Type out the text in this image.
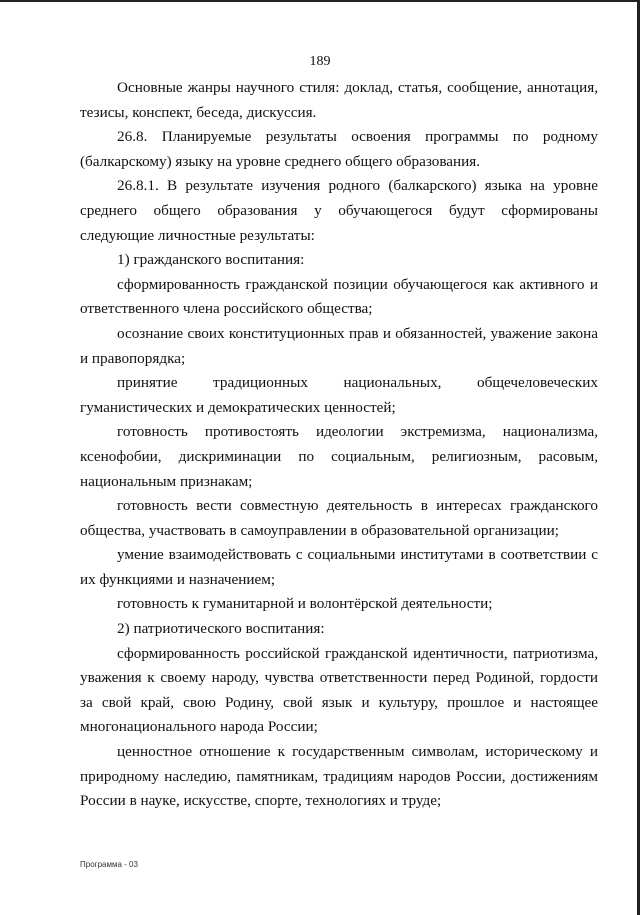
189

Основные жанры научного стиля: доклад, статья, сообщение, аннотация, тезисы, конспект, беседа, дискуссия.

26.8. Планируемые результаты освоения программы по родному (балкарскому) языку на уровне среднего общего образования.

26.8.1. В результате изучения родного (балкарского) языка на уровне среднего общего образования у обучающегося будут сформированы следующие личностные результаты:

1) гражданского воспитания:

сформированность гражданской позиции обучающегося как активного и ответственного члена российского общества;

осознание своих конституционных прав и обязанностей, уважение закона и правопорядка;

принятие традиционных национальных, общечеловеческих гуманистических и демократических ценностей;

готовность противостоять идеологии экстремизма, национализма, ксенофобии, дискриминации по социальным, религиозным, расовым, национальным признакам;

готовность вести совместную деятельность в интересах гражданского общества, участвовать в самоуправлении в образовательной организации;

умение взаимодействовать с социальными институтами в соответствии с их функциями и назначением;

готовность к гуманитарной и волонтёрской деятельности;

2) патриотического воспитания:

сформированность российской гражданской идентичности, патриотизма, уважения к своему народу, чувства ответственности перед Родиной, гордости за свой край, свою Родину, свой язык и культуру, прошлое и настоящее многонационального народа России;

ценностное отношение к государственным символам, историческому и природному наследию, памятникам, традициям народов России, достижениям России в науке, искусстве, спорте, технологиях и труде;

Программа - 03
